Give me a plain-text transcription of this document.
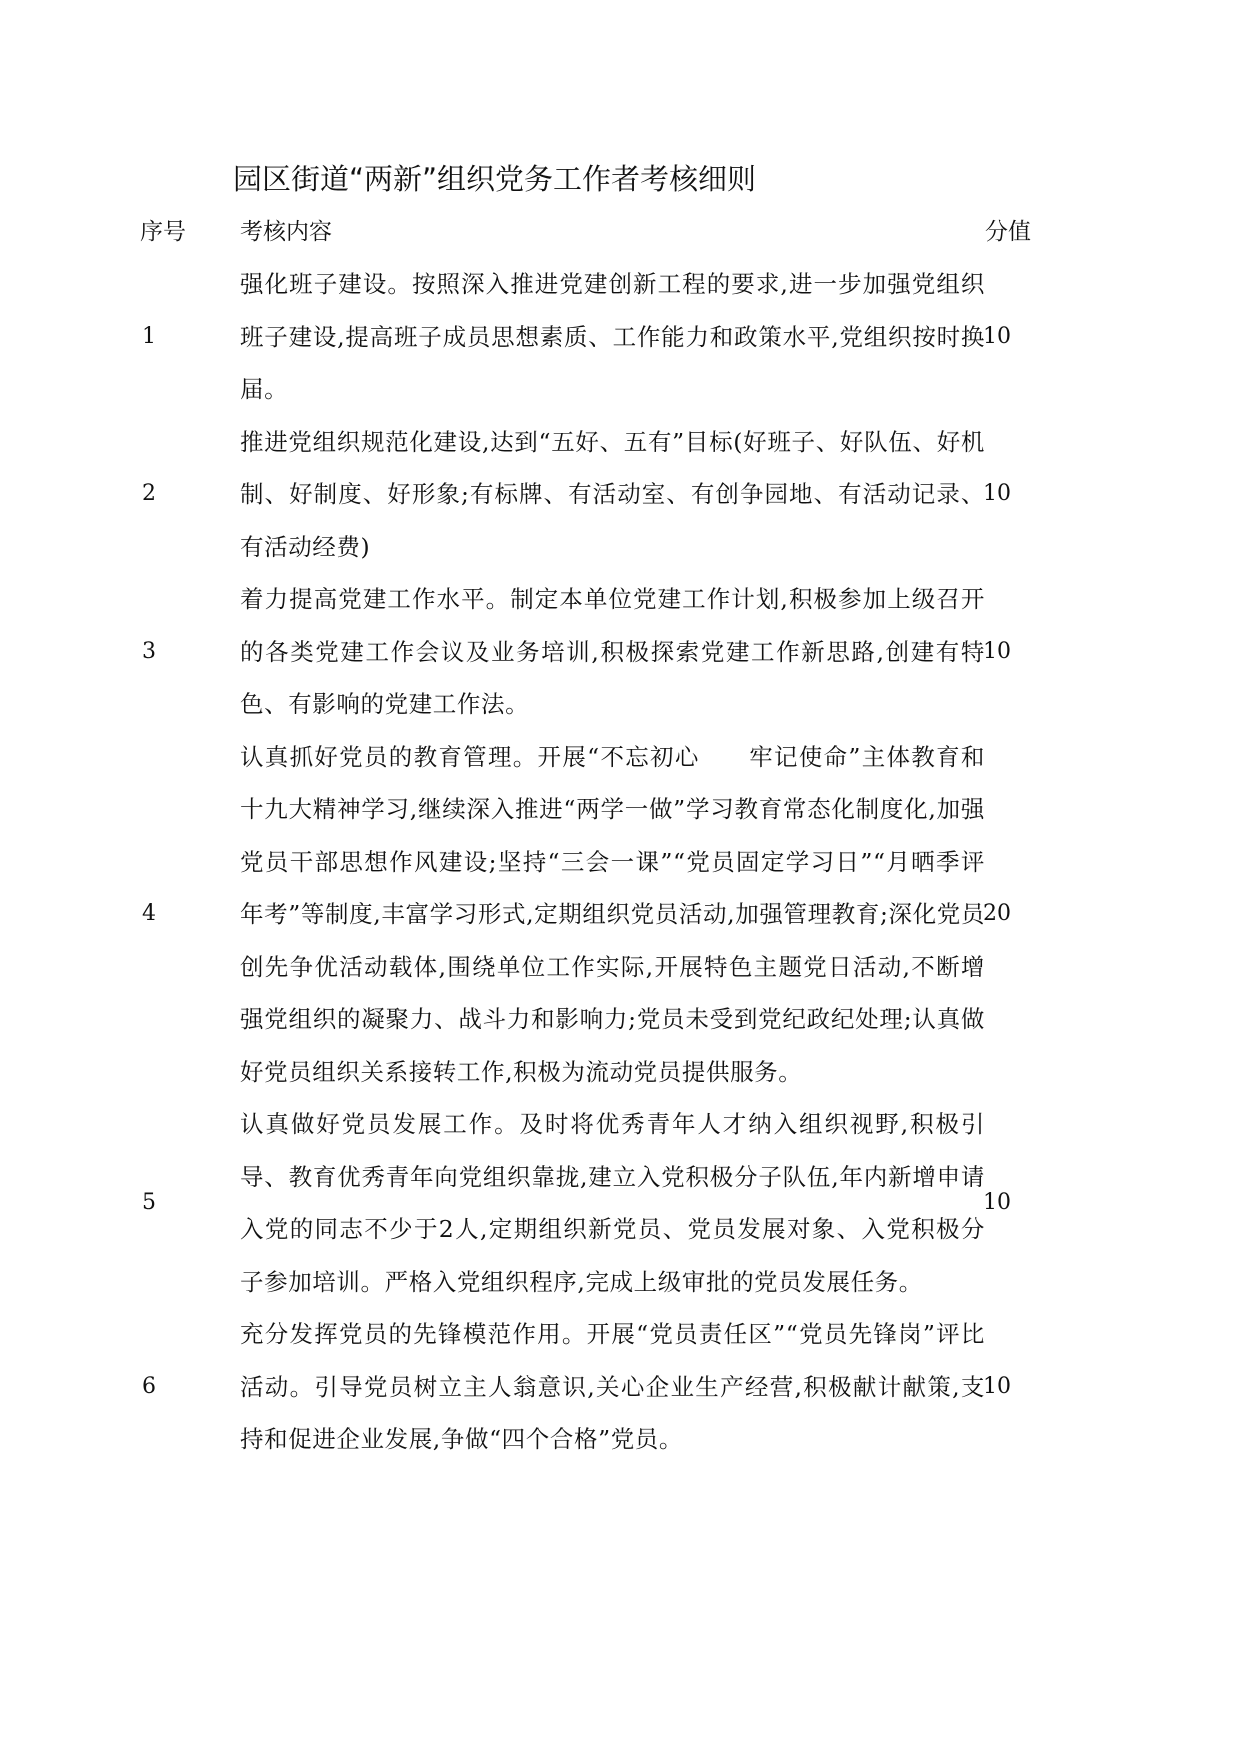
园区街道“两新”组织党务工作者考核细则
序号 考核内容	分值
1
强化班子建设。按照深入推进党建创新工程的要求,进一步加强党组织班子建设,提高班子成员思想素质、工作能力和政策水平,党组织按时换届。
10
2
推进党组织规范化建设,达到“五好、五有”目标(好班子、好队伍、好机制、好制度、好形象;有标牌、有活动室、有创争园地、有活动记录、有活动经费)
10
3
着力提高党建工作水平。制定本单位党建工作计划,积极参加上级召开的各类党建工作会议及业务培训,积极探索党建工作新思路,创建有特色、有影响的党建工作法。
10
4
认真抓好党员的教育管理。开展“不忘初心　　牢记使命”主体教育和十九大精神学习,继续深入推进“两学一做”学习教育常态化制度化,加强党员干部思想作风建设;坚持“三会一课”“党员固定学习日”“月晒季评年考”等制度,丰富学习形式,定期组织党员活动,加强管理教育;深化党员创先争优活动载体,围绕单位工作实际,开展特色主题党日活动,不断增强党组织的凝聚力、战斗力和影响力;党员未受到党纪政纪处理;认真做好党员组织关系接转工作,积极为流动党员提供服务。
20
5
认真做好党员发展工作。及时将优秀青年人才纳入组织视野,积极引导、教育优秀青年向党组织靠拢,建立入党积极分子队伍,年内新增申请入党的同志不少于2人,定期组织新党员、党员发展对象、入党积极分子参加培训。严格入党组织程序,完成上级审批的党员发展任务。
10
6
充分发挥党员的先锋模范作用。开展“党员责任区”“党员先锋岗”评比活动。引导党员树立主人翁意识,关心企业生产经营,积极献计献策,支持和促进企业发展,争做“四个合格”党员。
10
